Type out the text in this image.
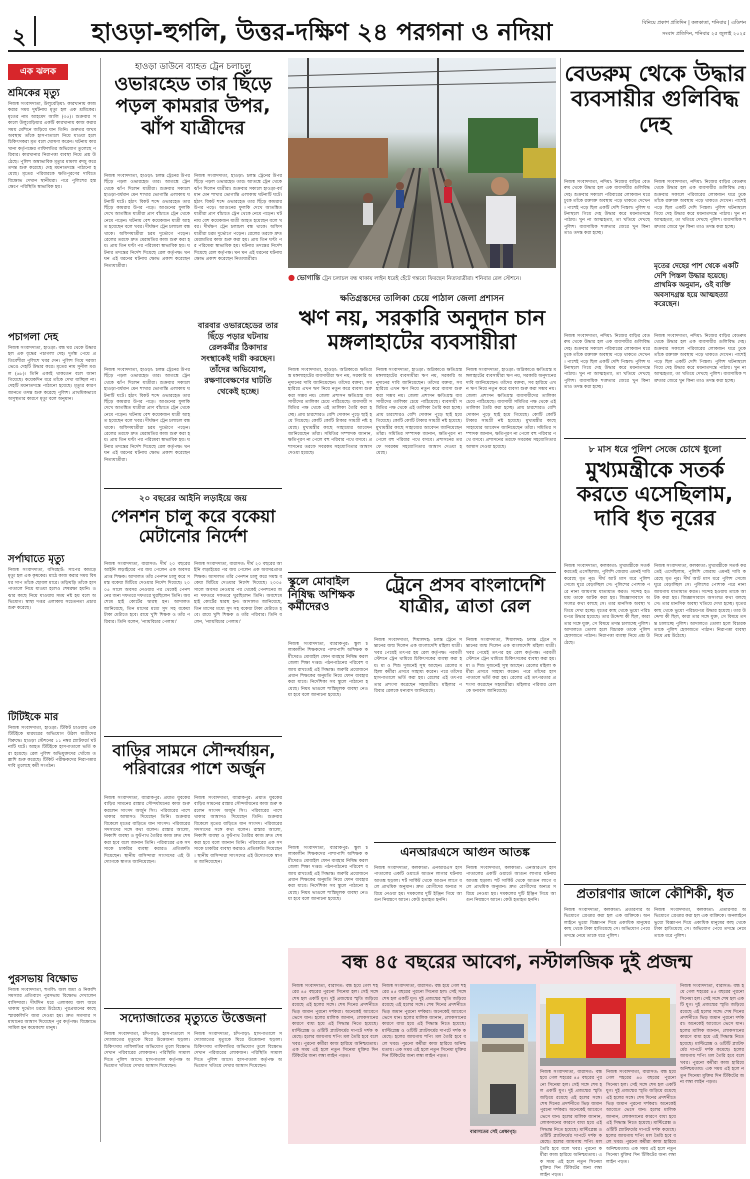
২	হাওড়া-হুগলি, উত্তর-দক্ষিণ ২৪ পরগনা ও নদিয়া	বিনিয়ে প্রকাশ প্রতিদিন | কলকাতা, শনিবার | এডিশন
সংবাদ প্রতিদিন, শনিবার ২৫ জুলাই ২০২৫
এক ঝলক
শ্রমিকের মৃত্যু
নিজস্ব সংবাদদাতা, উলুবেড়িয়া: কারখানায় কাজ করার সময় দুর্ঘটনায় মৃত্যু হল এক শ্রমিকের। মৃতের নাম আহমেদ আলি (৩৫)। শুক্রবার সকালে উলুবেড়িয়ার একটি কারখানায় কাজ করার সময় মেশিনে জড়িয়ে যান তিনি। গুরুতর জখম অবস্থায় তাঁকে হাসপাতালে নিয়ে যাওয়া হলে চিকিৎসকরা মৃত বলে ঘোষণা করেন। ঘটনায় কারখানা কর্তৃপক্ষের গাফিলতির অভিযোগ তুলেছে পরিবার। কারখানার নিরাপত্তা ব্যবস্থা নিয়ে প্রশ্ন উঠেছে। পুলিশ অস্বাভাবিক মৃত্যুর মামলা রুজু করে তদন্ত শুরু করেছে। দেহ ময়নাতদন্তে পাঠানো হয়েছে। মৃতের পরিবারকে ক্ষতিপূরণের দাবিতে বিক্ষোভ দেখান স্থানীয়রা। পরে পুলিশের হস্তক্ষেপে পরিস্থিতি স্বাভাবিক হয়।
পচাগলা দেহ
নিজস্ব সংবাদদাতা, হাওড়া: বন্ধ ঘর থেকে উদ্ধার হল এক বৃদ্ধের পচাগলা দেহ। দুর্গন্ধ পেয়ে প্রতিবেশীরা পুলিশে খবর দেন। পুলিশ গিয়ে দরজা ভেঙে দেহটি উদ্ধার করে। মৃতের নাম সুনীল মণ্ডল (৬৮)। তিনি একাই থাকতেন বলে জানা গিয়েছে। কয়েকদিন ধরে তাঁকে দেখা যাচ্ছিল না। দেহটি ময়নাতদন্তে পাঠানো হয়েছে। মৃত্যুর কারণ জানতে তদন্ত শুরু করেছে পুলিশ। প্রাথমিকভাবে অসুস্থতার কারণে মৃত্যু বলে অনুমান।
সর্পাঘাতে মৃত্যু
নিজস্ব সংবাদদাতা, বসিরহাট: সাপের কামড়ে মৃত্যু হল এক কৃষকের। মাঠে কাজ করার সময় বিষধর সাপ তাঁকে ছোবল মারে। তড়িঘড়ি তাঁকে হাসপাতালে নিয়ে যাওয়া হলেও শেষরক্ষা হয়নি। ওঝার কাছে নিয়ে যাওয়ায় সময় নষ্ট হয় বলে অভিযোগ। স্বাস্থ্য দপ্তর এলাকায় সচেতনতা প্রচার শুরু করেছে।
টিটিইকে মার
নিজস্ব সংবাদদাতা, হাওড়া: টিকিট চাওয়ায় এক টিটিইকে মারধরের অভিযোগ উঠল যাত্রীদের বিরুদ্ধে। হাওড়া স্টেশনের ১১ নম্বর প্ল্যাটফর্মে ঘটনাটি ঘটে। আহত টিটিইকে হাসপাতালে ভর্তি করা হয়েছে। রেল পুলিশ অভিযুক্তদের খোঁজে তল্লাশি শুরু করেছে। টিকিট পরীক্ষকদের নিরাপত্তার দাবি তুলেছে কর্মী সংগঠন।
পুরসভায় বিক্ষোভ
নিজস্ব সংবাদদাতা, হুগলি: জল জমা ও নিকাশি সমস্যার প্রতিবাদে পুরসভায় বিক্ষোভ দেখালেন বাসিন্দারা। দীর্ঘদিন ধরে এলাকায় জল জমে থাকায় দুর্ভোগ চরমে উঠেছে। পুরপ্রধানের কাছে স্মারকলিপি জমা দেওয়া হয়। দ্রুত সমস্যার সমাধানের আশ্বাস দিয়েছেন পুর কর্তৃপক্ষ। বিক্ষোভে সামিল হন কয়েকশো মানুষ।
হাওড়া ডাউনে ব্যাহত ট্রেন চলাচল
ওভারহেড তার ছিঁড়ে পড়ল কামরার উপর, ঝাঁপ যাত্রীদের
নিজস্ব সংবাদদাতা, হাওড়া: চলন্ত ট্রেনের উপর ছিঁড়ে পড়ল ওভারহেড তার। আতঙ্কে ট্রেন থেকে ঝাঁপ দিলেন যাত্রীরা। শুক্রবার সকালে হাওড়া-বর্ধমান মেন শাখার ভোগান্তি এলাকায় ঘটনাটি ঘটে। হঠাৎ বিকট শব্দে ওভারহেড তার ছিঁড়ে কামরার উপর পড়ে। আগুনের ফুলকি দেখে আতঙ্কিত যাত্রীরা প্রাণ বাঁচাতে ট্রেন থেকে নেমে পড়েন। ঘটনায় বেশ কয়েকজন যাত্রী আহত হয়েছেন বলে খবর। দীর্ঘক্ষণ ট্রেন চলাচল বন্ধ থাকে। অফিসযাত্রীরা চরম দুর্ভোগে পড়েন। রেলের তরফে দ্রুত মেরামতির কাজ শুরু করা হয়। প্রায় তিন ঘণ্টা পর পরিষেবা স্বাভাবিক হয়। ঘটনার তদন্তের নির্দেশ দিয়েছে রেল কর্তৃপক্ষ। ঘন ঘন এই ধরনের ঘটনায় ক্ষোভ প্রকাশ করেছেন নিত্যযাত্রীরা।
নিজস্ব সংবাদদাতা, হাওড়া: চলন্ত ট্রেনের উপর ছিঁড়ে পড়ল ওভারহেড তার। আতঙ্কে ট্রেন থেকে ঝাঁপ দিলেন যাত্রীরা। শুক্রবার সকালে হাওড়া-বর্ধমান মেন শাখার ভোগান্তি এলাকায় ঘটনাটি ঘটে। হঠাৎ বিকট শব্দে ওভারহেড তার ছিঁড়ে কামরার উপর পড়ে। আগুনের ফুলকি দেখে আতঙ্কিত যাত্রীরা প্রাণ বাঁচাতে ট্রেন থেকে নেমে পড়েন। ঘটনায় বেশ কয়েকজন যাত্রী আহত হয়েছেন বলে খবর। দীর্ঘক্ষণ ট্রেন চলাচল বন্ধ থাকে। অফিসযাত্রীরা চরম দুর্ভোগে পড়েন। রেলের তরফে দ্রুত মেরামতির কাজ শুরু করা হয়। প্রায় তিন ঘণ্টা পর পরিষেবা স্বাভাবিক হয়। ঘটনার তদন্তের নির্দেশ দিয়েছে রেল কর্তৃপক্ষ। ঘন ঘন এই ধরনের ঘটনায় ক্ষোভ প্রকাশ করেছেন নিত্যযাত্রীরা।
● ভোগান্তি ট্রেন চলাচল বন্ধ থাকায় লাইন ধরেই হেঁটে গন্তব্যে ফিরছেন নিত্যযাত্রীরা। শনিবার রেল স্টেশনে।
ক্ষতিগ্রস্তদের তালিকা চেয়ে পাঠাল জেলা প্রশাসন
ঋণ নয়, সরকারি অনুদান চান মঙ্গলাহাটের ব্যবসায়ীরা
বারবার ওভারহেডের তার ছিঁড়ে পড়ার ঘটনায় রেলকর্মীর ঠিকাদার সংস্থাকেই দায়ী করছেন। তাঁদের অভিযোগ, রক্ষণাবেক্ষণের ঘাটতি থেকেই হচ্ছে।
নিজস্ব সংবাদদাতা, হাওড়া: চলন্ত ট্রেনের উপর ছিঁড়ে পড়ল ওভারহেড তার। আতঙ্কে ট্রেন থেকে ঝাঁপ দিলেন যাত্রীরা। শুক্রবার সকালে হাওড়া-বর্ধমান মেন শাখার ভোগান্তি এলাকায় ঘটনাটি ঘটে। হঠাৎ বিকট শব্দে ওভারহেড তার ছিঁড়ে কামরার উপর পড়ে। আগুনের ফুলকি দেখে আতঙ্কিত যাত্রীরা প্রাণ বাঁচাতে ট্রেন থেকে নেমে পড়েন। ঘটনায় বেশ কয়েকজন যাত্রী আহত হয়েছেন বলে খবর। দীর্ঘক্ষণ ট্রেন চলাচল বন্ধ থাকে। অফিসযাত্রীরা চরম দুর্ভোগে পড়েন। রেলের তরফে দ্রুত মেরামতির কাজ শুরু করা হয়। প্রায় তিন ঘণ্টা পর পরিষেবা স্বাভাবিক হয়। ঘটনার তদন্তের নির্দেশ দিয়েছে রেল কর্তৃপক্ষ। ঘন ঘন এই ধরনের ঘটনায় ক্ষোভ প্রকাশ করেছেন নিত্যযাত্রীরা।
নিজস্ব সংবাদদাতা, হাওড়া: অগ্নিকাণ্ডে ক্ষতিগ্রস্ত মঙ্গলাহাটের ব্যবসায়ীরা ঋণ নয়, সরকারি অনুদানের দাবি জানিয়েছেন। তাঁদের বক্তব্য, সব হারিয়ে এখন ঋণ নিয়ে নতুন করে ব্যবসা শুরু করা সম্ভব নয়। জেলা প্রশাসন ক্ষতিগ্রস্ত ব্যবসায়ীদের তালিকা চেয়ে পাঠিয়েছে। ব্যবসায়ী সমিতির পক্ষ থেকে এই তালিকা তৈরি করা হচ্ছে। প্রায় চারশোরও বেশি দোকান পুড়ে ছাই হয়ে গিয়েছে। কোটি কোটি টাকার সামগ্রী নষ্ট হয়েছে। মুখ্যমন্ত্রীর কাছে সাহায্যের আবেদন জানিয়েছেন তাঁরা। সমিতির সম্পাদক জানান, ক্ষতিপূরণ না পেলে বহু পরিবার পথে বসবে। প্রশাসনের তরফে সবরকম সহযোগিতার আশ্বাস দেওয়া হয়েছে।
নিজস্ব সংবাদদাতা, হাওড়া: অগ্নিকাণ্ডে ক্ষতিগ্রস্ত মঙ্গলাহাটের ব্যবসায়ীরা ঋণ নয়, সরকারি অনুদানের দাবি জানিয়েছেন। তাঁদের বক্তব্য, সব হারিয়ে এখন ঋণ নিয়ে নতুন করে ব্যবসা শুরু করা সম্ভব নয়। জেলা প্রশাসন ক্ষতিগ্রস্ত ব্যবসায়ীদের তালিকা চেয়ে পাঠিয়েছে। ব্যবসায়ী সমিতির পক্ষ থেকে এই তালিকা তৈরি করা হচ্ছে। প্রায় চারশোরও বেশি দোকান পুড়ে ছাই হয়ে গিয়েছে। কোটি কোটি টাকার সামগ্রী নষ্ট হয়েছে। মুখ্যমন্ত্রীর কাছে সাহায্যের আবেদন জানিয়েছেন তাঁরা। সমিতির সম্পাদক জানান, ক্ষতিপূরণ না পেলে বহু পরিবার পথে বসবে। প্রশাসনের তরফে সবরকম সহযোগিতার আশ্বাস দেওয়া হয়েছে।
নিজস্ব সংবাদদাতা, হাওড়া: অগ্নিকাণ্ডে ক্ষতিগ্রস্ত মঙ্গলাহাটের ব্যবসায়ীরা ঋণ নয়, সরকারি অনুদানের দাবি জানিয়েছেন। তাঁদের বক্তব্য, সব হারিয়ে এখন ঋণ নিয়ে নতুন করে ব্যবসা শুরু করা সম্ভব নয়। জেলা প্রশাসন ক্ষতিগ্রস্ত ব্যবসায়ীদের তালিকা চেয়ে পাঠিয়েছে। ব্যবসায়ী সমিতির পক্ষ থেকে এই তালিকা তৈরি করা হচ্ছে। প্রায় চারশোরও বেশি দোকান পুড়ে ছাই হয়ে গিয়েছে। কোটি কোটি টাকার সামগ্রী নষ্ট হয়েছে। মুখ্যমন্ত্রীর কাছে সাহায্যের আবেদন জানিয়েছেন তাঁরা। সমিতির সম্পাদক জানান, ক্ষতিপূরণ না পেলে বহু পরিবার পথে বসবে। প্রশাসনের তরফে সবরকম সহযোগিতার আশ্বাস দেওয়া হয়েছে।
২০ বছরের আইনি লড়াইয়ে জয়
পেনশন চালু করে বকেয়া মেটানোর নির্দেশ
নিজস্ব সংবাদদাতা, বারাসত: দীর্ঘ ২০ বছরের আইনি লড়াইয়ের পর জয় পেলেন এক অবসরপ্রাপ্ত শিক্ষক। আদালত তাঁর পেনশন চালু করে সমস্ত বকেয়া মিটিয়ে দেওয়ার নির্দেশ দিয়েছে। ২০০৫ সালে অবসর নেওয়ার পর থেকেই পেনশনের জন্য দফতরে দফতরে ঘুরছিলেন তিনি। অবশেষে হাই কোর্টের দ্বারস্থ হন। আদালত জানিয়েছে, তিন মাসের মধ্যে সুদ সহ বকেয়া টাকা মেটাতে হবে। রায়ে খুশি শিক্ষক ও তাঁর পরিবার। তিনি বলেন, 'ন্যায়বিচার পেলাম।'
নিজস্ব সংবাদদাতা, বারাসত: দীর্ঘ ২০ বছরের আইনি লড়াইয়ের পর জয় পেলেন এক অবসরপ্রাপ্ত শিক্ষক। আদালত তাঁর পেনশন চালু করে সমস্ত বকেয়া মিটিয়ে দেওয়ার নির্দেশ দিয়েছে। ২০০৫ সালে অবসর নেওয়ার পর থেকেই পেনশনের জন্য দফতরে দফতরে ঘুরছিলেন তিনি। অবশেষে হাই কোর্টের দ্বারস্থ হন। আদালত জানিয়েছে, তিন মাসের মধ্যে সুদ সহ বকেয়া টাকা মেটাতে হবে। রায়ে খুশি শিক্ষক ও তাঁর পরিবার। তিনি বলেন, 'ন্যায়বিচার পেলাম।'
স্কুলে মোবাইল নিষিদ্ধ অশিক্ষক কর্মীদেরও
নিজস্ব সংবাদদাতা, ব্যারাকপুর: স্কুল চলাকালীন শিক্ষকদের পাশাপাশি অশিক্ষক কর্মীদেরও মোবাইল ফোন ব্যবহার নিষিদ্ধ করল জেলা শিক্ষা দপ্তর। পঠনপাঠনের পরিবেশ বজায় রাখতেই এই সিদ্ধান্ত। জরুরি প্রয়োজনে প্রধান শিক্ষকের অনুমতি নিয়ে ফোন ব্যবহার করা যাবে। নির্দেশিকা সব স্কুলে পাঠানো হয়েছে। নিয়ম ভাঙলে শাস্তিমূলক ব্যবস্থা নেওয়া হবে বলে জানানো হয়েছে।
ট্রেনে প্রসব বাংলাদেশি যাত্রীর, ত্রাতা রেল
নিজস্ব সংবাদদাতা, শিয়ালদহ: চলন্ত ট্রেনে সন্তানের জন্ম দিলেন এক বাংলাদেশি মহিলা যাত্রী। খবর পেয়েই তৎপর হয় রেল কর্তৃপক্ষ। পরবর্তী স্টেশনে ট্রেন থামিয়ে চিকিৎসকের ব্যবস্থা করা হয়। মা ও শিশু দুজনেই সুস্থ আছেন। রেলের মহিলা কর্মীরা প্রসবে সাহায্য করেন। পরে তাঁদের হাসপাতালে ভর্তি করা হয়। রেলের এই তৎপরতার প্রশংসা করেছেন সহযাত্রীরা। মহিলার পরিবার রেলকে ধন্যবাদ জানিয়েছে।
নিজস্ব সংবাদদাতা, শিয়ালদহ: চলন্ত ট্রেনে সন্তানের জন্ম দিলেন এক বাংলাদেশি মহিলা যাত্রী। খবর পেয়েই তৎপর হয় রেল কর্তৃপক্ষ। পরবর্তী স্টেশনে ট্রেন থামিয়ে চিকিৎসকের ব্যবস্থা করা হয়। মা ও শিশু দুজনেই সুস্থ আছেন। রেলের মহিলা কর্মীরা প্রসবে সাহায্য করেন। পরে তাঁদের হাসপাতালে ভর্তি করা হয়। রেলের এই তৎপরতার প্রশংসা করেছেন সহযাত্রীরা। মহিলার পরিবার রেলকে ধন্যবাদ জানিয়েছে।
বাড়ির সামনে সৌন্দর্যায়ন, পরিবারের পাশে অর্জুন
নিজস্ব সংবাদদাতা, ব্যারাকপুর: প্রয়াত যুবকের বাড়ির সামনের রাস্তার সৌন্দর্যায়নের কাজ শুরু করলেন সাংসদ অর্জুন সিং। পরিবারের পাশে থাকার আশ্বাসও দিয়েছেন তিনি। শুক্রবার বিকেলে মৃতের বাড়িতে যান সাংসদ। পরিবারের সদস্যদের সঙ্গে কথা বলেন। রাস্তার আলো, নিকাশি ব্যবস্থা ও ফুটপাথ তৈরির কাজ দ্রুত শেষ করা হবে বলে জানান তিনি। পরিবারের এক সদস্যকে চাকরির ব্যবস্থা করারও প্রতিশ্রুতি দিয়েছেন। স্থানীয় বাসিন্দারা সাংসদের এই উদ্যোগকে স্বাগত জানিয়েছেন।
নিজস্ব সংবাদদাতা, ব্যারাকপুর: প্রয়াত যুবকের বাড়ির সামনের রাস্তার সৌন্দর্যায়নের কাজ শুরু করলেন সাংসদ অর্জুন সিং। পরিবারের পাশে থাকার আশ্বাসও দিয়েছেন তিনি। শুক্রবার বিকেলে মৃতের বাড়িতে যান সাংসদ। পরিবারের সদস্যদের সঙ্গে কথা বলেন। রাস্তার আলো, নিকাশি ব্যবস্থা ও ফুটপাথ তৈরির কাজ দ্রুত শেষ করা হবে বলে জানান তিনি। পরিবারের এক সদস্যকে চাকরির ব্যবস্থা করারও প্রতিশ্রুতি দিয়েছেন। স্থানীয় বাসিন্দারা সাংসদের এই উদ্যোগকে স্বাগত জানিয়েছেন।
এনআরএসে আগুন আতঙ্ক
নিজস্ব সংবাদদাতা, কলকাতা: এনআরএস হাসপাতালের একটি ওয়ার্ডে আগুন লাগার ঘটনায় আতঙ্ক ছড়াল। শর্ট সার্কিট থেকে আগুন লাগে বলে প্রাথমিক অনুমান। দ্রুত রোগীদের অন্যত্র সরিয়ে নেওয়া হয়। দমকলের দুটি ইঞ্জিন গিয়ে আগুন নিয়ন্ত্রণে আনে। কেউ হতাহত হননি।
নিজস্ব সংবাদদাতা, কলকাতা: এনআরএস হাসপাতালের একটি ওয়ার্ডে আগুন লাগার ঘটনায় আতঙ্ক ছড়াল। শর্ট সার্কিট থেকে আগুন লাগে বলে প্রাথমিক অনুমান। দ্রুত রোগীদের অন্যত্র সরিয়ে নেওয়া হয়। দমকলের দুটি ইঞ্জিন গিয়ে আগুন নিয়ন্ত্রণে আনে। কেউ হতাহত হননি।
নিজস্ব সংবাদদাতা, ব্যারাকপুর: স্কুল চলাকালীন শিক্ষকদের পাশাপাশি অশিক্ষক কর্মীদেরও মোবাইল ফোন ব্যবহার নিষিদ্ধ করল জেলা শিক্ষা দপ্তর। পঠনপাঠনের পরিবেশ বজায় রাখতেই এই সিদ্ধান্ত। জরুরি প্রয়োজনে প্রধান শিক্ষকের অনুমতি নিয়ে ফোন ব্যবহার করা যাবে। নির্দেশিকা সব স্কুলে পাঠানো হয়েছে। নিয়ম ভাঙলে শাস্তিমূলক ব্যবস্থা নেওয়া হবে বলে জানানো হয়েছে।
সদ্যোজাতের মৃত্যুতে উত্তেজনা
নিজস্ব সংবাদদাতা, চাঁদপাড়া: হাসপাতালে সদ্যোজাতের মৃত্যুকে ঘিরে উত্তেজনা ছড়াল। চিকিৎসায় গাফিলতির অভিযোগ তুলে বিক্ষোভ দেখান পরিবারের লোকজন। পরিস্থিতি সামাল দিতে পুলিশ আসে। হাসপাতাল কর্তৃপক্ষ অভিযোগ খতিয়ে দেখার আশ্বাস দিয়েছেন।
নিজস্ব সংবাদদাতা, চাঁদপাড়া: হাসপাতালে সদ্যোজাতের মৃত্যুকে ঘিরে উত্তেজনা ছড়াল। চিকিৎসায় গাফিলতির অভিযোগ তুলে বিক্ষোভ দেখান পরিবারের লোকজন। পরিস্থিতি সামাল দিতে পুলিশ আসে। হাসপাতাল কর্তৃপক্ষ অভিযোগ খতিয়ে দেখার আশ্বাস দিয়েছেন।
বেডরুম থেকে উদ্ধার ব্যবসায়ীর গুলিবিদ্ধ দেহ
নিজস্ব সংবাদদাতা, নদিয়া: নিজের বাড়ির বেডরুম থেকে উদ্ধার হল এক ব্যবসায়ীর গুলিবিদ্ধ দেহ। শুক্রবার সকালে পরিবারের লোকজন ঘরে ঢুকে তাঁকে রক্তাক্ত অবস্থায় পড়ে থাকতে দেখেন। পাশেই পড়ে ছিল একটি দেশি পিস্তল। পুলিশ ঘটনাস্থলে গিয়ে দেহ উদ্ধার করে ময়নাতদন্তে পাঠায়। খুন না আত্মহত্যা, তা খতিয়ে দেখছে পুলিশ। ব্যবসায়িক শত্রুতার জেরে খুন কিনা তাও তদন্ত করা হচ্ছে।
নিজস্ব সংবাদদাতা, নদিয়া: নিজের বাড়ির বেডরুম থেকে উদ্ধার হল এক ব্যবসায়ীর গুলিবিদ্ধ দেহ। শুক্রবার সকালে পরিবারের লোকজন ঘরে ঢুকে তাঁকে রক্তাক্ত অবস্থায় পড়ে থাকতে দেখেন। পাশেই পড়ে ছিল একটি দেশি পিস্তল। পুলিশ ঘটনাস্থলে গিয়ে দেহ উদ্ধার করে ময়নাতদন্তে পাঠায়। খুন না আত্মহত্যা, তা খতিয়ে দেখছে পুলিশ। ব্যবসায়িক শত্রুতার জেরে খুন কিনা তাও তদন্ত করা হচ্ছে।
মৃতের দেহের পাশ থেকে একটি দেশি পিস্তল উদ্ধার হয়েছে। প্রাথমিক অনুমান, ওই ব্যক্তি অবসাদগ্রস্ত হয়ে আত্মহত্যা করেছেন।
নিজস্ব সংবাদদাতা, নদিয়া: নিজের বাড়ির বেডরুম থেকে উদ্ধার হল এক ব্যবসায়ীর গুলিবিদ্ধ দেহ। শুক্রবার সকালে পরিবারের লোকজন ঘরে ঢুকে তাঁকে রক্তাক্ত অবস্থায় পড়ে থাকতে দেখেন। পাশেই পড়ে ছিল একটি দেশি পিস্তল। পুলিশ ঘটনাস্থলে গিয়ে দেহ উদ্ধার করে ময়নাতদন্তে পাঠায়। খুন না আত্মহত্যা, তা খতিয়ে দেখছে পুলিশ। ব্যবসায়িক শত্রুতার জেরে খুন কিনা তাও তদন্ত করা হচ্ছে।
নিজস্ব সংবাদদাতা, নদিয়া: নিজের বাড়ির বেডরুম থেকে উদ্ধার হল এক ব্যবসায়ীর গুলিবিদ্ধ দেহ। শুক্রবার সকালে পরিবারের লোকজন ঘরে ঢুকে তাঁকে রক্তাক্ত অবস্থায় পড়ে থাকতে দেখেন। পাশেই পড়ে ছিল একটি দেশি পিস্তল। পুলিশ ঘটনাস্থলে গিয়ে দেহ উদ্ধার করে ময়নাতদন্তে পাঠায়। খুন না আত্মহত্যা, তা খতিয়ে দেখছে পুলিশ। ব্যবসায়িক শত্রুতার জেরে খুন কিনা তাও তদন্ত করা হচ্ছে।
৮ মাস ধরে পুলিশ সেজে চোখে ধুলো
মুখ্যমন্ত্রীকে সতর্ক করতে এসেছিলাম, দাবি ধৃত নূরের
নিজস্ব সংবাদদাতা, কলকাতা: মুখ্যমন্ত্রীকে সতর্ক করতেই এসেছিলাম, পুলিশি জেরায় এমনই দাবি করেছে ধৃত নূর। দীর্ঘ আট মাস ধরে পুলিশ সেজে ঘুরে বেড়াচ্ছিল সে। পুলিশের পোশাক পরে নানা জায়গায় যাতায়াত করত। সন্দেহ হওয়ায় তাকে আটক করা হয়। জিজ্ঞাসাবাদে অসংলগ্ন কথা বলছে সে। তার মানসিক অবস্থা খতিয়ে দেখা হচ্ছে। ধৃতের কাছ থেকে ভুয়ো পরিচয়পত্র উদ্ধার হয়েছে। তার উদ্দেশ্য কী ছিল, কারা তার সঙ্গে যুক্ত, সে বিষয়ে তদন্ত চালাচ্ছে পুলিশ। আদালতে তোলা হলে বিচারক তাকে পুলিশ হেফাজতে পাঠান। নিরাপত্তা ব্যবস্থা নিয়ে প্রশ্ন উঠেছে।
নিজস্ব সংবাদদাতা, কলকাতা: মুখ্যমন্ত্রীকে সতর্ক করতেই এসেছিলাম, পুলিশি জেরায় এমনই দাবি করেছে ধৃত নূর। দীর্ঘ আট মাস ধরে পুলিশ সেজে ঘুরে বেড়াচ্ছিল সে। পুলিশের পোশাক পরে নানা জায়গায় যাতায়াত করত। সন্দেহ হওয়ায় তাকে আটক করা হয়। জিজ্ঞাসাবাদে অসংলগ্ন কথা বলছে সে। তার মানসিক অবস্থা খতিয়ে দেখা হচ্ছে। ধৃতের কাছ থেকে ভুয়ো পরিচয়পত্র উদ্ধার হয়েছে। তার উদ্দেশ্য কী ছিল, কারা তার সঙ্গে যুক্ত, সে বিষয়ে তদন্ত চালাচ্ছে পুলিশ। আদালতে তোলা হলে বিচারক তাকে পুলিশ হেফাজতে পাঠান। নিরাপত্তা ব্যবস্থা নিয়ে প্রশ্ন উঠেছে।
প্রতারণার জালে কৌশিকী, ধৃত
নিজস্ব সংবাদদাতা, কলকাতা: প্রতারণার অভিযোগে গ্রেপ্তার করা হল এক ব্যক্তিকে। অনলাইনে ভুয়ো বিজ্ঞাপন দিয়ে একাধিক মানুষের কাছ থেকে টাকা হাতিয়েছে সে। অভিযোগ পেয়ে তদন্তে নেমে তাকে ধরে পুলিশ।
নিজস্ব সংবাদদাতা, কলকাতা: প্রতারণার অভিযোগে গ্রেপ্তার করা হল এক ব্যক্তিকে। অনলাইনে ভুয়ো বিজ্ঞাপন দিয়ে একাধিক মানুষের কাছ থেকে টাকা হাতিয়েছে সে। অভিযোগ পেয়ে তদন্তে নেমে তাকে ধরে পুলিশ।
বন্ধ ৪৫ বছরের আবেগ, নস্টালজিক দুই প্রজন্ম
নিজস্ব সংবাদদাতা, বারাসত: বন্ধ হয়ে গেল শহরের ৪৫ বছরের পুরনো সিনেমা হল। সেই সঙ্গে শেষ হল একটি যুগ। দুই প্রজন্মের স্মৃতি জড়িয়ে রয়েছে এই হলের সঙ্গে। শেষ দিনের প্রদর্শনীতে ভিড় জমান পুরনো দর্শকরা। অনেকেই আবেগে ভেসে যান। হলের মালিক জানান, লোকসানের কারণে বাধ্য হয়ে এই সিদ্ধান্ত নিতে হয়েছে। মাল্টিপ্লেক্স ও ওটিটি প্ল্যাটফর্মের দাপটে দর্শক কমেছে। হলের জায়গায় শপিং মল তৈরি হবে বলে খবর। পুরনো কর্মীরা কাজ হারিয়ে অনিশ্চয়তায়। এক সময় এই হলে নতুন সিনেমা মুক্তির দিন টিকিটের জন্য লম্বা লাইন পড়ত।
নিজস্ব সংবাদদাতা, বারাসত: বন্ধ হয়ে গেল শহরের ৪৫ বছরের পুরনো সিনেমা হল। সেই সঙ্গে শেষ হল একটি যুগ। দুই প্রজন্মের স্মৃতি জড়িয়ে রয়েছে এই হলের সঙ্গে। শেষ দিনের প্রদর্শনীতে ভিড় জমান পুরনো দর্শকরা। অনেকেই আবেগে ভেসে যান। হলের মালিক জানান, লোকসানের কারণে বাধ্য হয়ে এই সিদ্ধান্ত নিতে হয়েছে। মাল্টিপ্লেক্স ও ওটিটি প্ল্যাটফর্মের দাপটে দর্শক কমেছে। হলের জায়গায় শপিং মল তৈরি হবে বলে খবর। পুরনো কর্মীরা কাজ হারিয়ে অনিশ্চয়তায়। এক সময় এই হলে নতুন সিনেমা মুক্তির দিন টিকিটের জন্য লম্বা লাইন পড়ত।
বারাসতের সেই প্রেক্ষাগৃহ।
নিজস্ব সংবাদদাতা, বারাসত: বন্ধ হয়ে গেল শহরের ৪৫ বছরের পুরনো সিনেমা হল। সেই সঙ্গে শেষ হল একটি যুগ। দুই প্রজন্মের স্মৃতি জড়িয়ে রয়েছে এই হলের সঙ্গে। শেষ দিনের প্রদর্শনীতে ভিড় জমান পুরনো দর্শকরা। অনেকেই আবেগে ভেসে যান। হলের মালিক জানান, লোকসানের কারণে বাধ্য হয়ে এই সিদ্ধান্ত নিতে হয়েছে। মাল্টিপ্লেক্স ও ওটিটি প্ল্যাটফর্মের দাপটে দর্শক কমেছে। হলের জায়গায় শপিং মল তৈরি হবে বলে খবর। পুরনো কর্মীরা কাজ হারিয়ে অনিশ্চয়তায়। এক সময় এই হলে নতুন সিনেমা মুক্তির দিন টিকিটের জন্য লম্বা লাইন পড়ত।
নিজস্ব সংবাদদাতা, বারাসত: বন্ধ হয়ে গেল শহরের ৪৫ বছরের পুরনো সিনেমা হল। সেই সঙ্গে শেষ হল একটি যুগ। দুই প্রজন্মের স্মৃতি জড়িয়ে রয়েছে এই হলের সঙ্গে। শেষ দিনের প্রদর্শনীতে ভিড় জমান পুরনো দর্শকরা। অনেকেই আবেগে ভেসে যান। হলের মালিক জানান, লোকসানের কারণে বাধ্য হয়ে এই সিদ্ধান্ত নিতে হয়েছে। মাল্টিপ্লেক্স ও ওটিটি প্ল্যাটফর্মের দাপটে দর্শক কমেছে। হলের জায়গায় শপিং মল তৈরি হবে বলে খবর। পুরনো কর্মীরা কাজ হারিয়ে অনিশ্চয়তায়। এক সময় এই হলে নতুন সিনেমা মুক্তির দিন টিকিটের জন্য লম্বা লাইন পড়ত।
নিজস্ব সংবাদদাতা, বারাসত: বন্ধ হয়ে গেল শহরের ৪৫ বছরের পুরনো সিনেমা হল। সেই সঙ্গে শেষ হল একটি যুগ। দুই প্রজন্মের স্মৃতি জড়িয়ে রয়েছে এই হলের সঙ্গে। শেষ দিনের প্রদর্শনীতে ভিড় জমান পুরনো দর্শকরা। অনেকেই আবেগে ভেসে যান। হলের মালিক জানান, লোকসানের কারণে বাধ্য হয়ে এই সিদ্ধান্ত নিতে হয়েছে। মাল্টিপ্লেক্স ও ওটিটি প্ল্যাটফর্মের দাপটে দর্শক কমেছে। হলের জায়গায় শপিং মল তৈরি হবে বলে খবর। পুরনো কর্মীরা কাজ হারিয়ে অনিশ্চয়তায়। এক সময় এই হলে নতুন সিনেমা মুক্তির দিন টিকিটের জন্য লম্বা লাইন পড়ত।
